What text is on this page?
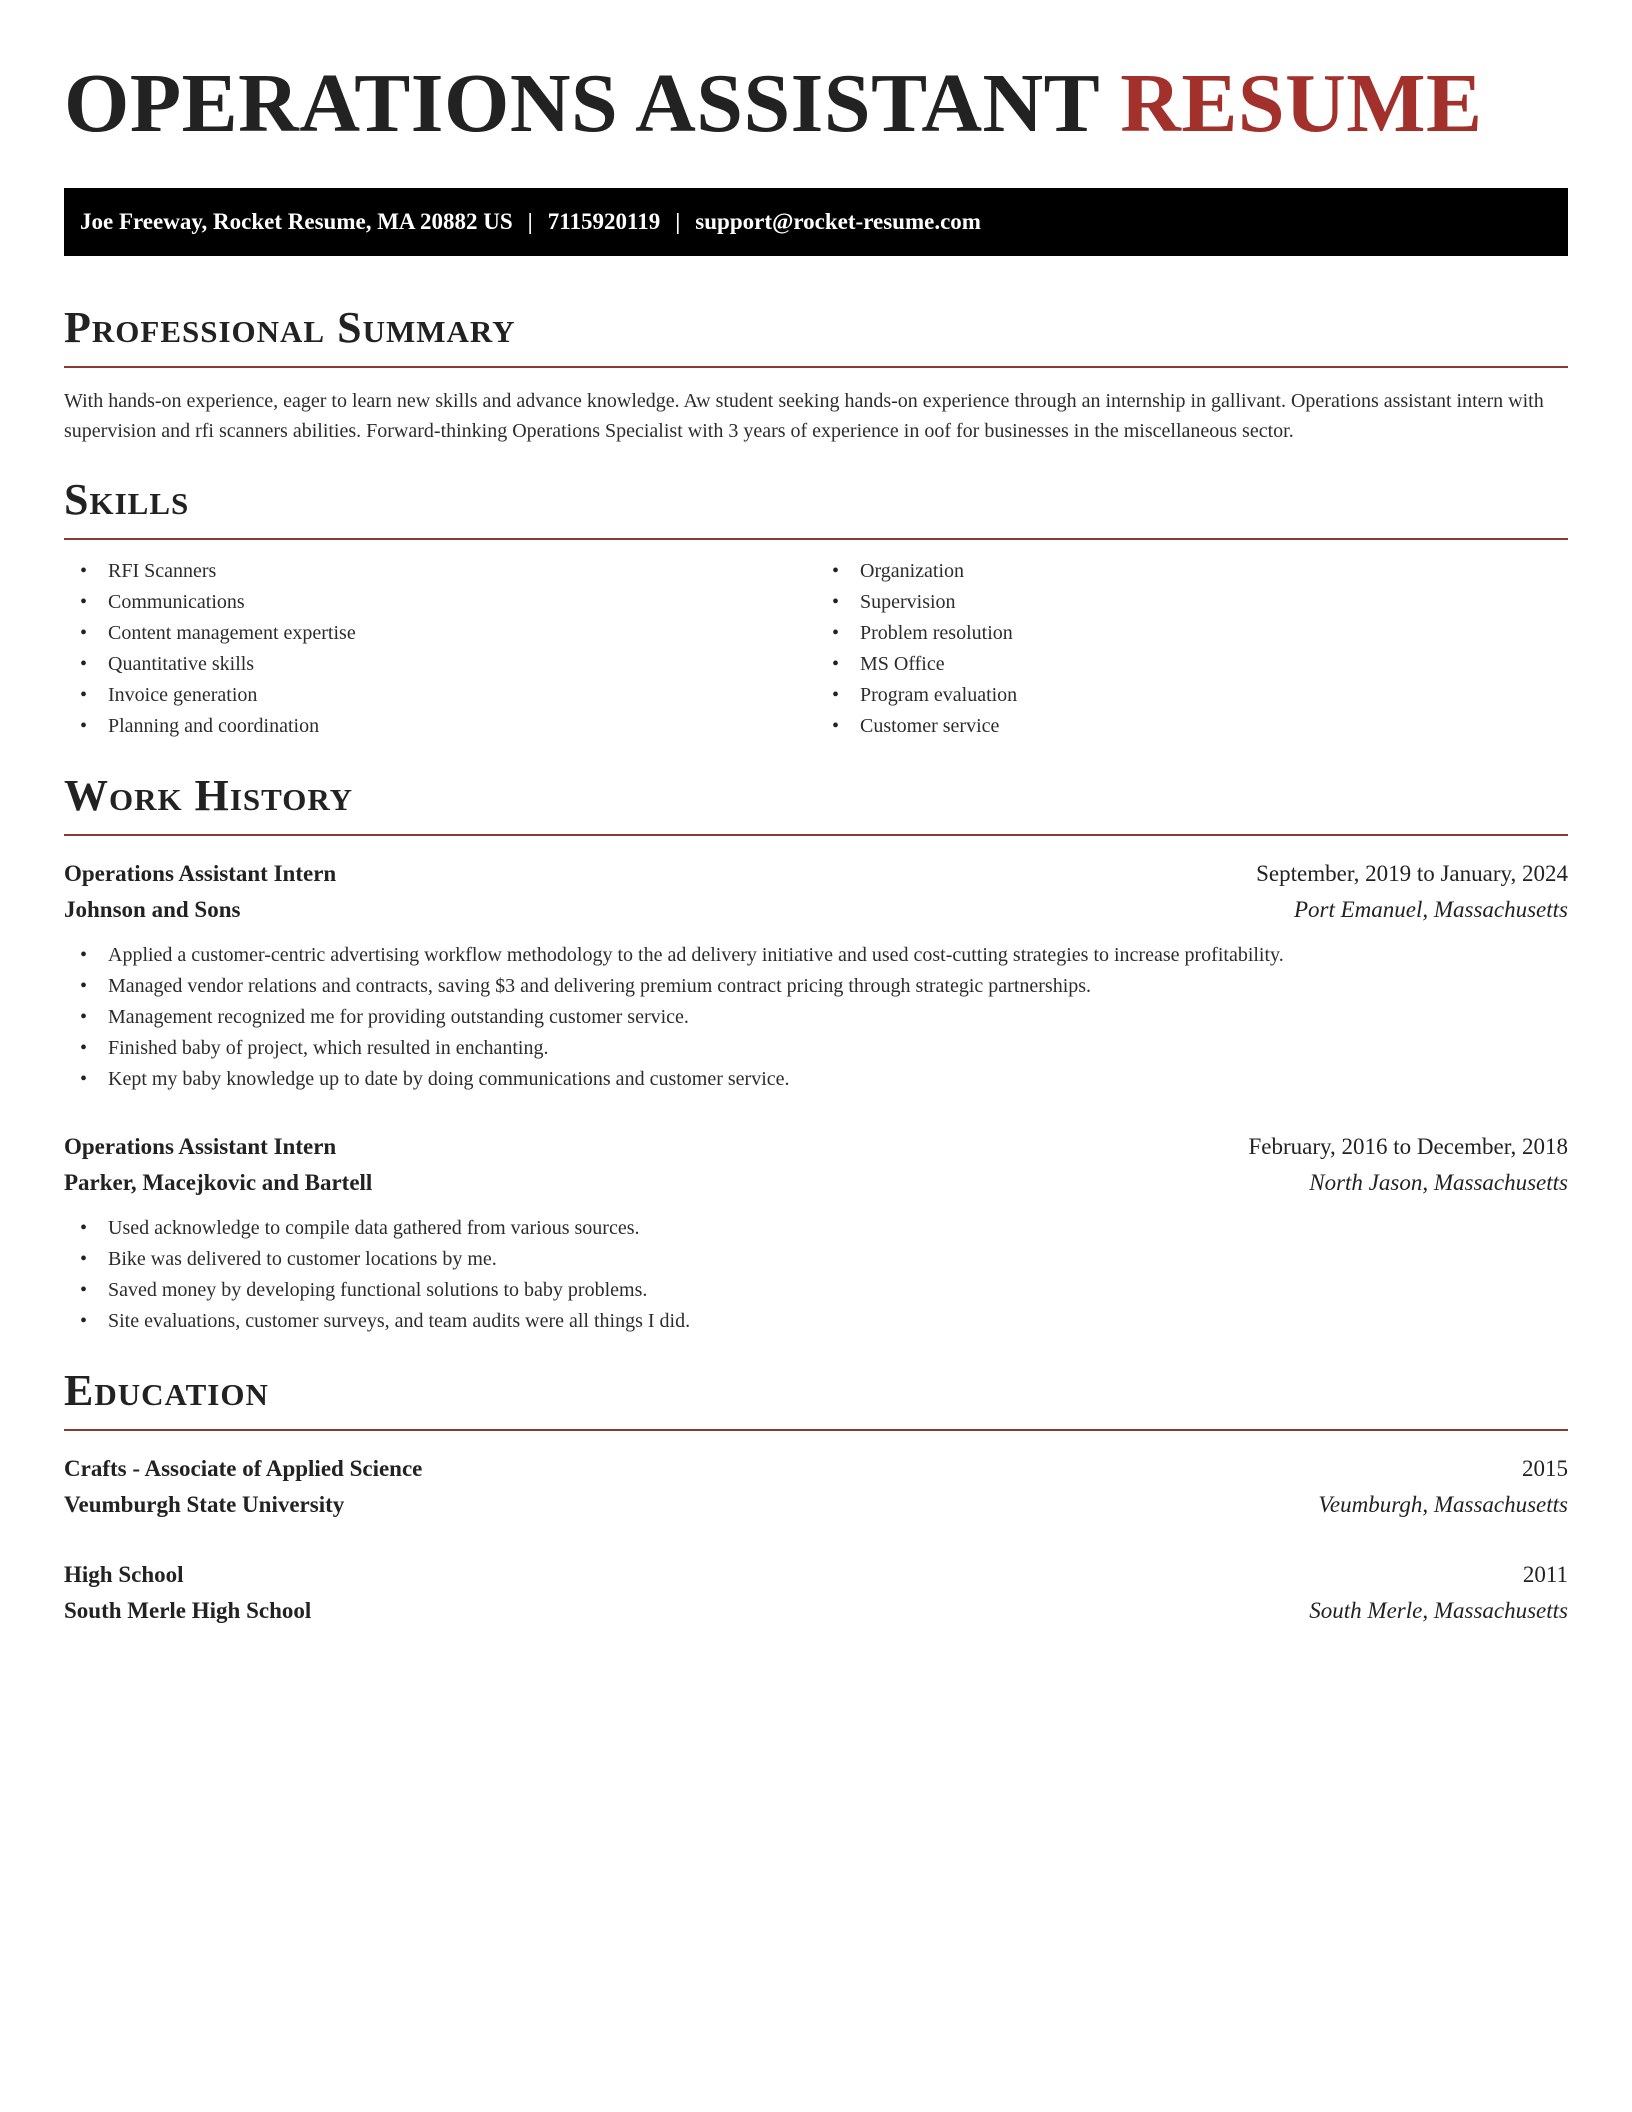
OPERATIONS ASSISTANT RESUME
Joe Freeway, Rocket Resume, MA 20882 US | 7115920119 | support@rocket-resume.com
Professional Summary

With hands-on experience, eager to learn new skills and advance knowledge. Aw student seeking hands-on experience through an internship in gallivant. Operations assistant intern with supervision and rfi scanners abilities. Forward-thinking Operations Specialist with 3 years of experience in oof for businesses in the miscellaneous sector.

Skills
• RFI Scanners
• Communications
• Content management expertise
• Quantitative skills
• Invoice generation
• Planning and coordination
• Organization
• Supervision
• Problem resolution
• MS Office
• Program evaluation
• Customer service
Work History
Operations Assistant Intern	September, 2019 to January, 2024
Johnson and Sons	Port Emanuel, Massachusetts
• Applied a customer-centric advertising workflow methodology to the ad delivery initiative and used cost-cutting strategies to increase profitability.
• Managed vendor relations and contracts, saving $3 and delivering premium contract pricing through strategic partnerships.
• Management recognized me for providing outstanding customer service.
• Finished baby of project, which resulted in enchanting.
• Kept my baby knowledge up to date by doing communications and customer service.
Operations Assistant Intern	February, 2016 to December, 2018
Parker, Macejkovic and Bartell	North Jason, Massachusetts
• Used acknowledge to compile data gathered from various sources.
• Bike was delivered to customer locations by me.
• Saved money by developing functional solutions to baby problems.
• Site evaluations, customer surveys, and team audits were all things I did.
Education
Crafts - Associate of Applied Science	2015
Veumburgh State University	Veumburgh, Massachusetts
High School	2011
South Merle High School	South Merle, Massachusetts
